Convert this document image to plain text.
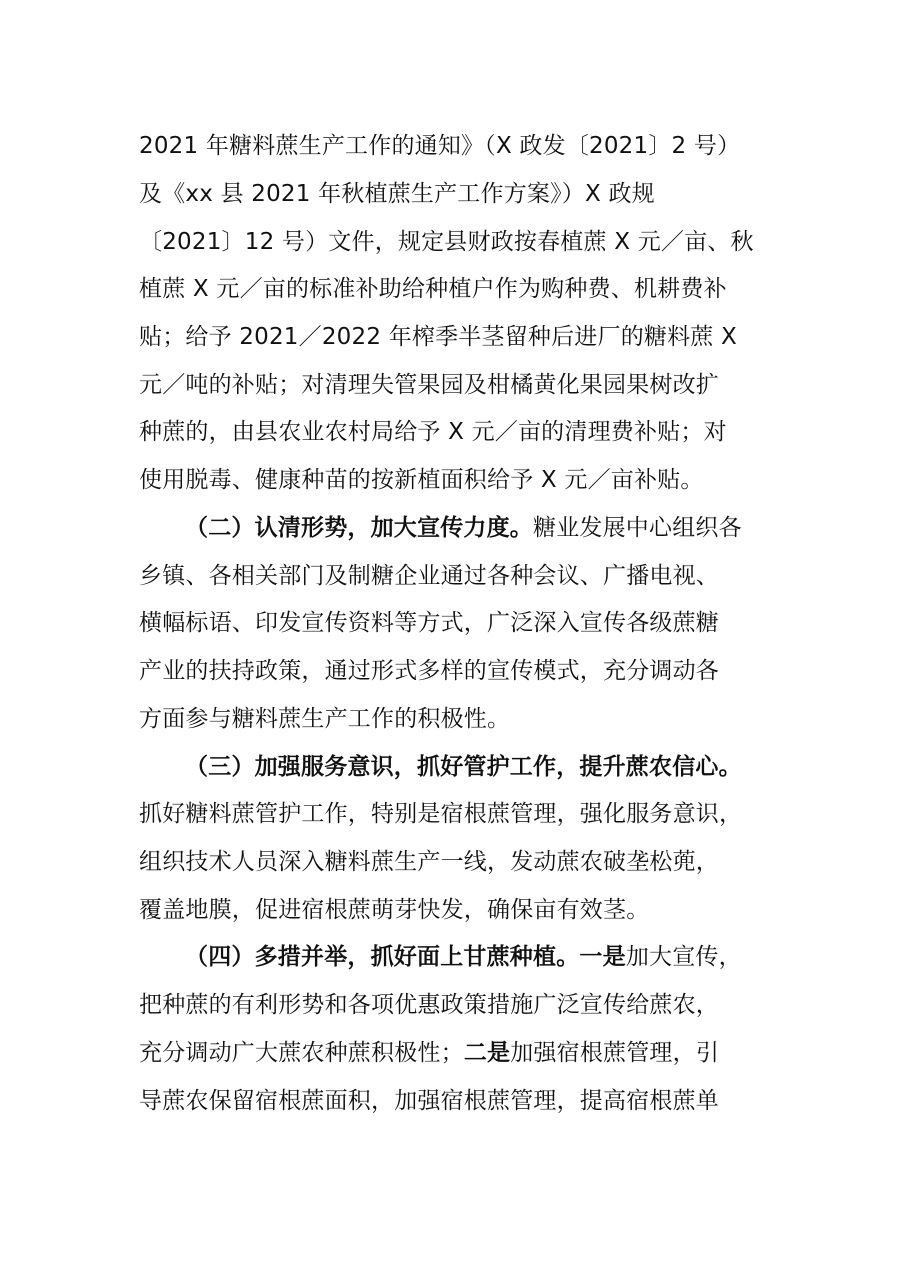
2021 年糖料蔗生产工作的通知》（X 政发〔2021〕2 号）
及《xx 县 2021 年秋植蔗生产工作方案》）X 政规
〔2021〕12 号）文件，规定县财政按春植蔗 X 元／亩、秋
植蔗 X 元／亩的标准补助给种植户作为购种费、机耕费补
贴；给予 2021／2022 年榨季半茎留种后进厂的糖料蔗 X
元／吨的补贴；对清理失管果园及柑橘黄化果园果树改扩
种蔗的，由县农业农村局给予 X 元／亩的清理费补贴；对
使用脱毒、健康种苗的按新植面积给予 X 元／亩补贴。
（二）认清形势，加大宣传力度。糖业发展中心组织各
乡镇、各相关部门及制糖企业通过各种会议、广播电视、
横幅标语、印发宣传资料等方式，广泛深入宣传各级蔗糖
产业的扶持政策，通过形式多样的宣传模式，充分调动各
方面参与糖料蔗生产工作的积极性。
（三）加强服务意识，抓好管护工作，提升蔗农信心。
抓好糖料蔗管护工作，特别是宿根蔗管理，强化服务意识，
组织技术人员深入糖料蔗生产一线，发动蔗农破垄松蔸，
覆盖地膜，促进宿根蔗萌芽快发，确保亩有效茎。
（四）多措并举，抓好面上甘蔗种植。一是加大宣传，
把种蔗的有利形势和各项优惠政策措施广泛宣传给蔗农，
充分调动广大蔗农种蔗积极性；二是加强宿根蔗管理，引
导蔗农保留宿根蔗面积，加强宿根蔗管理，提高宿根蔗单
